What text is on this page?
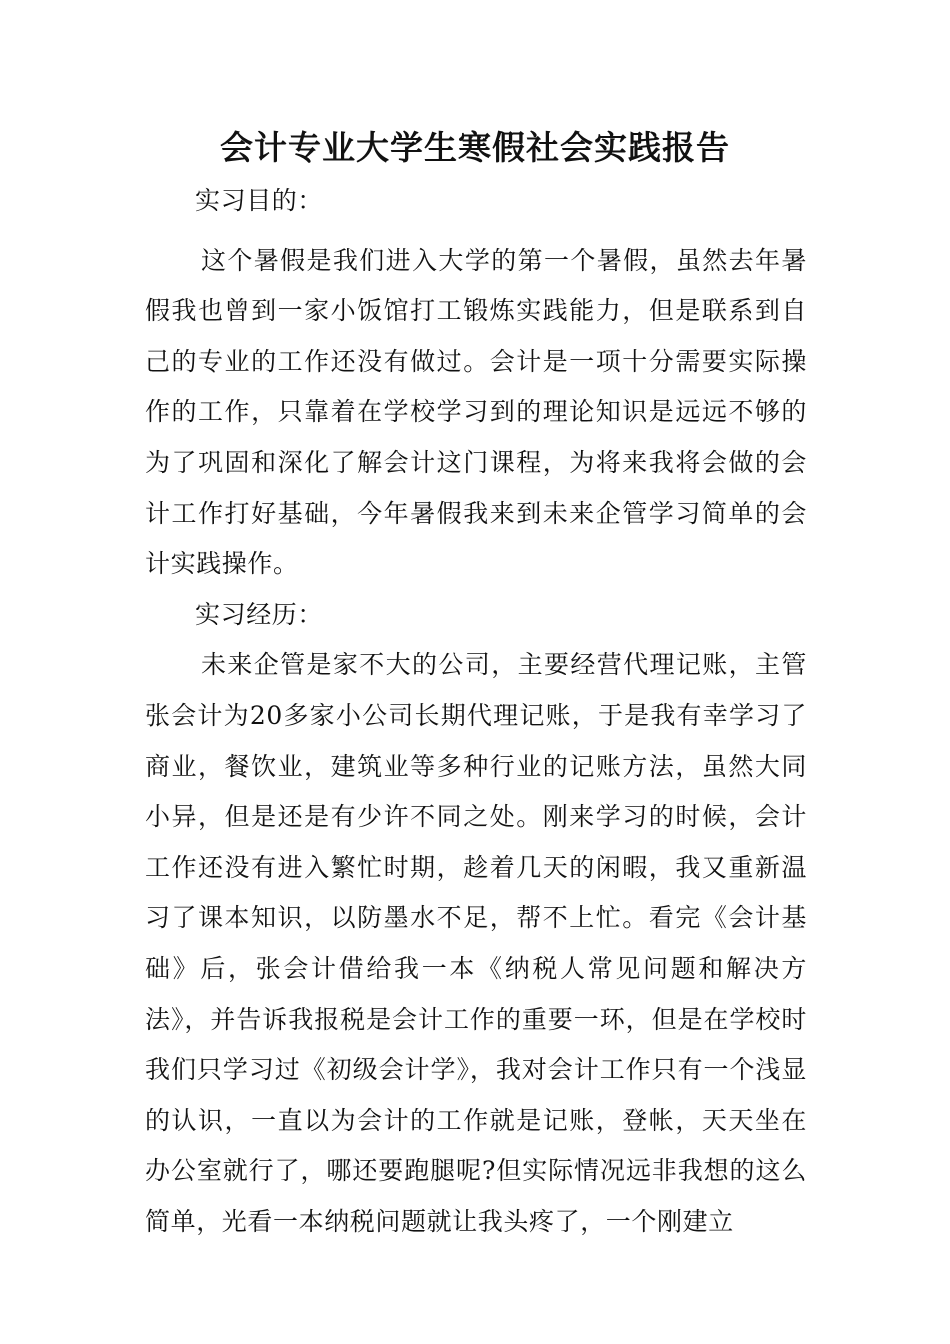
会计专业大学生寒假社会实践报告

实习目的：

这个暑假是我们进入大学的第一个暑假，虽然去年暑假我也曾到一家小饭馆打工锻炼实践能力，但是联系到自己的专业的工作还没有做过。会计是一项十分需要实际操作的工作，只靠着在学校学习到的理论知识是远远不够的为了巩固和深化了解会计这门课程，为将来我将会做的会计工作打好基础，今年暑假我来到未来企管学习简单的会计实践操作。

实习经历：

未来企管是家不大的公司，主要经营代理记账，主管张会计为20多家小公司长期代理记账，于是我有幸学习了商业，餐饮业，建筑业等多种行业的记账方法，虽然大同小异，但是还是有少许不同之处。刚来学习的时候，会计工作还没有进入繁忙时期，趁着几天的闲暇，我又重新温习了课本知识，以防墨水不足，帮不上忙。看完《会计基础》后，张会计借给我一本《纳税人常见问题和解决方法》，并告诉我报税是会计工作的重要一环，但是在学校时我们只学习过《初级会计学》，我对会计工作只有一个浅显的认识，一直以为会计的工作就是记账，登帐，天天坐在办公室就行了，哪还要跑腿呢?但实际情况远非我想的这么简单，光看一本纳税问题就让我头疼了，一个刚建立
